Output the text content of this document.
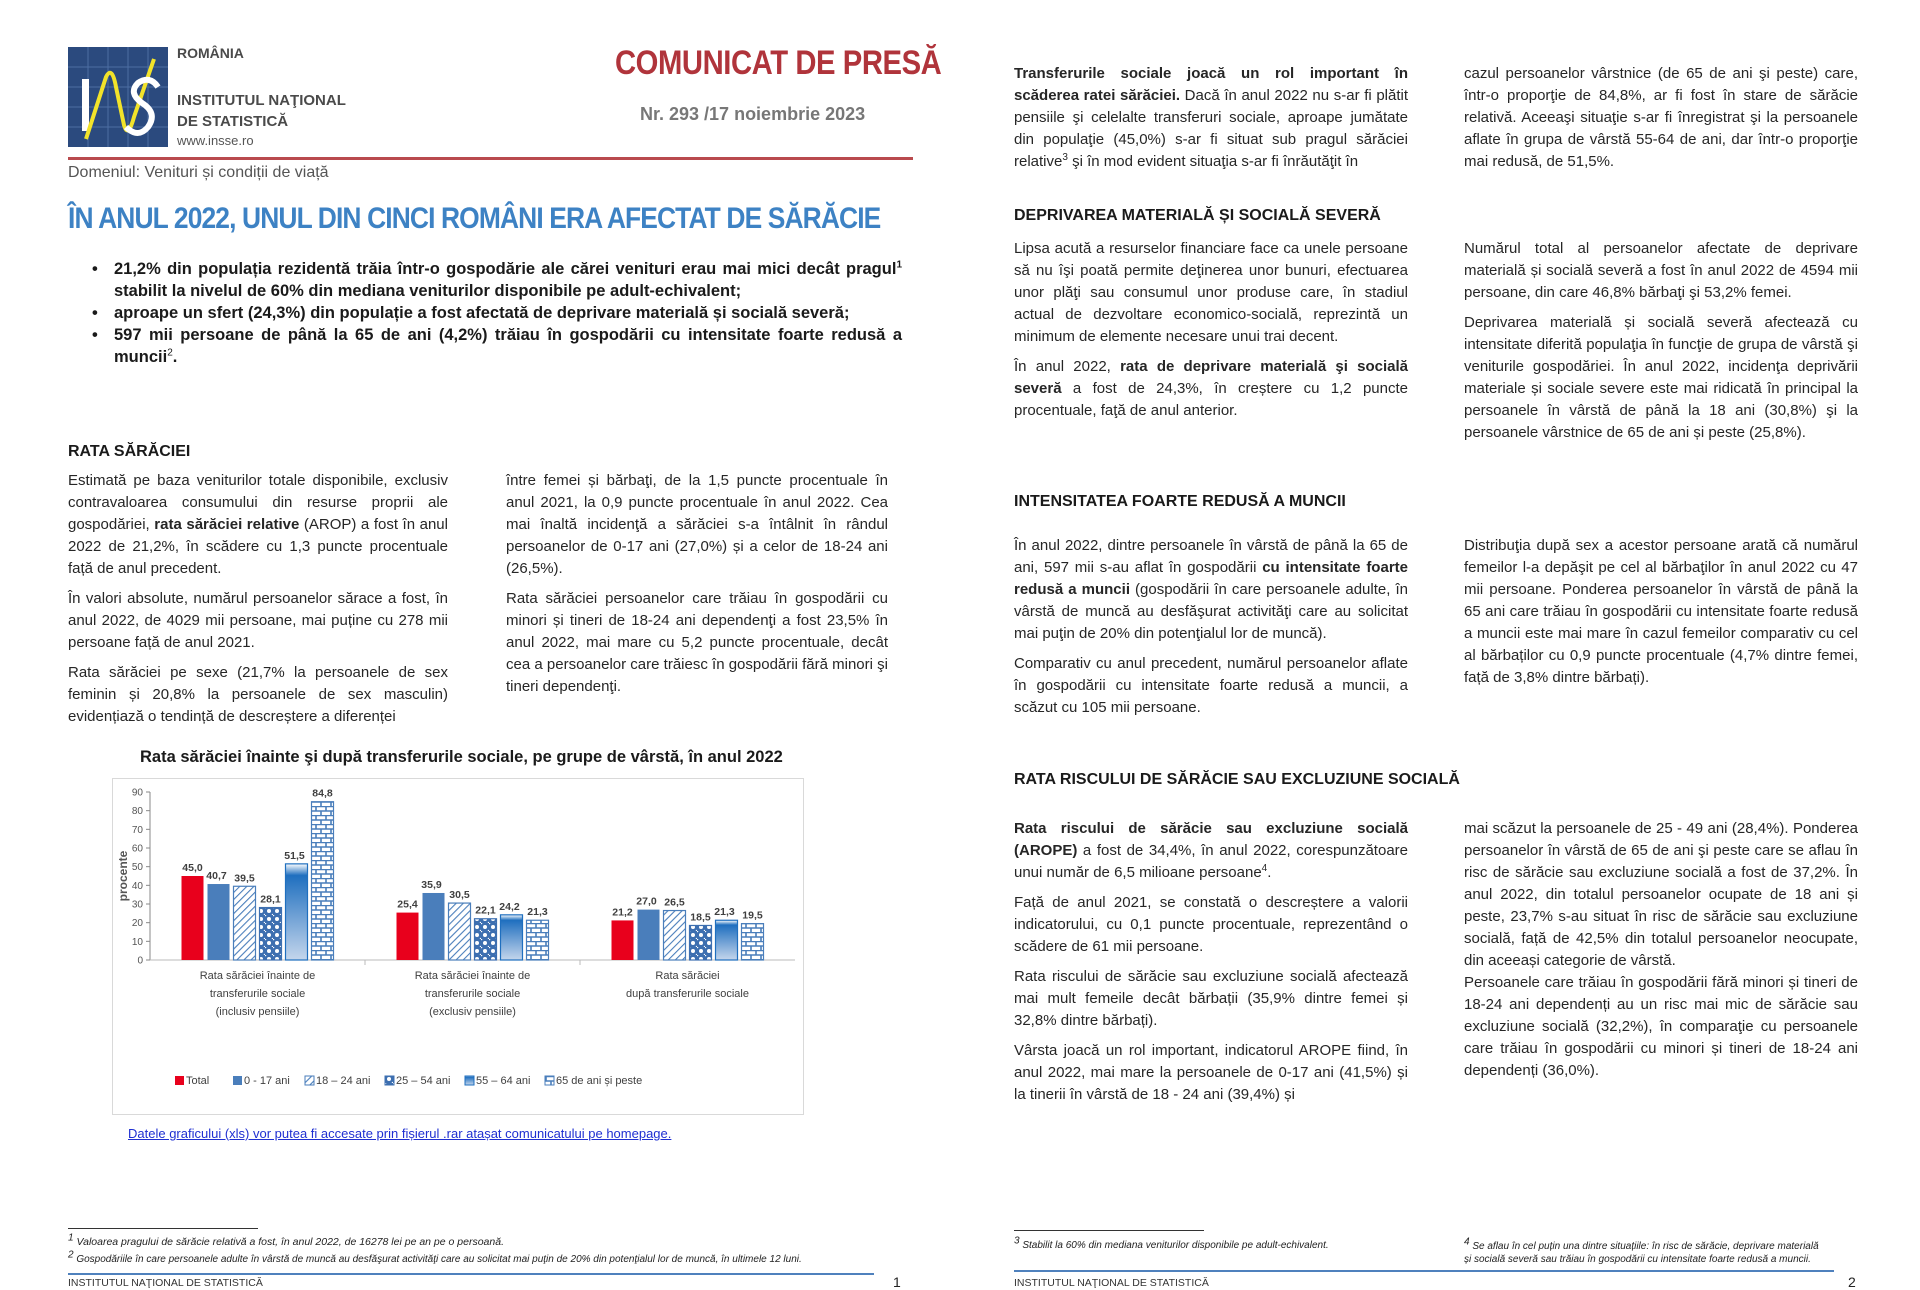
ROMÂNIA
INSTITUTUL NAŢIONAL
DE STATISTICĂ
www.insse.ro
COMUNICAT DE PRESĂ
Nr. 293 /17 noiembrie 2023
Domeniul: Venituri și condiții de viață
ÎN ANUL 2022, UNUL DIN CINCI ROMÂNI ERA AFECTAT DE SĂRĂCIE
• 21,2% din populația rezidentă trăia într-o gospodărie ale cărei venituri erau mai mici decât pragul$^1$ stabilit la nivelul de 60% din mediana veniturilor disponibile pe adult-echivalent;
• aproape un sfert (24,3%) din populație a fost afectată de deprivare materială și socială severă;
• 597 mii persoane de până la 65 de ani (4,2%) trăiau în gospodării cu intensitate foarte redusă a muncii$^2$.
RATA SĂRĂCIEI

Estimată pe baza veniturilor totale disponibile, exclusiv contravaloarea consumului din resurse proprii ale gospodăriei, rata sărăciei relative (AROP) a fost în anul 2022 de 21,2%, în scădere cu 1,3 puncte procentuale față de anul precedent.

În valori absolute, numărul persoanelor sărace a fost, în anul 2022, de 4029 mii persoane, mai puține cu 278 mii persoane față de anul 2021.

Rata sărăciei pe sexe (21,7% la persoanele de sex feminin și 20,8% la persoanele de sex masculin) evidențiază o tendință de descreștere a diferenței

între femei și bărbaţi, de la 1,5 puncte procentuale în anul 2021, la 0,9 puncte procentuale în anul 2022. Cea mai înaltă incidenţă a sărăciei s-a întâlnit în rândul persoanelor de 0-17 ani (27,0%) și a celor de 18-24 ani (26,5%).

Rata sărăciei persoanelor care trăiau în gospodării cu minori și tineri de 18-24 ani dependenţi a fost 23,5% în anul 2022, mai mare cu 5,2 puncte procentuale, decât cea a persoanelor care trăiesc în gospodării fără minori şi tineri dependenţi.

Rata sărăciei înainte şi după transferurile sociale, pe grupe de vârstă, în anul 2022
0
10
20
30
40
50
60
70
80
90
procente	45,0
40,7 39,5
28,1
51,5
84,8
Rata sărăciei înainte de
transferurile sociale
(inclusiv pensiile)
25,4
35,9
30,5
22,1 24,2 21,3
Rata sărăciei înainte de
transferurile sociale
(exclusiv pensiile)
21,2
27,0 26,5
18,5 21,3 19,5
Rata sărăciei
după transferurile sociale
Total	0 - 17 ani 18 – 24 ani 25 – 54 ani 55 – 64 ani 65 de ani și peste
Datele graficului (xls) vor putea fi accesate prin fișierul .rar atașat comunicatului pe homepage.
$^1$ Valoarea pragului de sărăcie relativă a fost, în anul 2022, de 16278 lei pe an pe o persoană.
$^2$ Gospodăriile în care persoanele adulte în vârstă de muncă au desfăşurat activităţi care au solicitat mai puţin de 20% din potenţialul lor de muncă, în ultimele 12 luni.
INSTITUTUL NAŢIONAL DE STATISTICĂ	1

Transferurile sociale joacă un rol important în scăderea ratei sărăciei. Dacă în anul 2022 nu s-ar fi plătit pensiile şi celelalte transferuri sociale, aproape jumătate din populaţie (45,0%) s-ar fi situat sub pragul sărăciei relative$^3$ şi în mod evident situaţia s-ar fi înrăutăţit în

cazul persoanelor vârstnice (de 65 de ani şi peste) care, într-o proporţie de 84,8%, ar fi fost în stare de sărăcie relativă. Aceeaşi situaţie s-ar fi înregistrat şi la persoanele aflate în grupa de vârstă 55-64 de ani, dar într-o proporţie mai redusă, de 51,5%.

DEPRIVAREA MATERIALĂ ȘI SOCIALĂ SEVERĂ

Lipsa acută a resurselor financiare face ca unele persoane să nu îşi poată permite deţinerea unor bunuri, efectuarea unor plăţi sau consumul unor produse care, în stadiul actual de dezvoltare economico-socială, reprezintă un minimum de elemente necesare unui trai decent.

În anul 2022, rata de deprivare materială şi socială severă a fost de 24,3%, în creștere cu 1,2 puncte procentuale, faţă de anul anterior.

Numărul total al persoanelor afectate de deprivare materială și socială severă a fost în anul 2022 de 4594 mii persoane, din care 46,8% bărbaţi şi 53,2% femei.

Deprivarea materială și socială severă afectează cu intensitate diferită populaţia în funcţie de grupa de vârstă şi veniturile gospodăriei. În anul 2022, incidenţa deprivării materiale și sociale severe este mai ridicată în principal la persoanele în vârstă de până la 18 ani (30,8%) şi la persoanele vârstnice de 65 de ani și peste (25,8%).

INTENSITATEA FOARTE REDUSĂ A MUNCII

În anul 2022, dintre persoanele în vârstă de până la 65 de ani, 597 mii s-au aflat în gospodării cu intensitate foarte redusă a muncii (gospodării în care persoanele adulte, în vârstă de muncă au desfăşurat activităţi care au solicitat mai puţin de 20% din potenţialul lor de muncă).

Comparativ cu anul precedent, numărul persoanelor aflate în gospodării cu intensitate foarte redusă a muncii, a scăzut cu 105 mii persoane.

Distribuţia după sex a acestor persoane arată că numărul femeilor l-a depăşit pe cel al bărbaţilor în anul 2022 cu 47 mii persoane. Ponderea persoanelor în vârstă de până la 65 ani care trăiau în gospodării cu intensitate foarte redusă a muncii este mai mare în cazul femeilor comparativ cu cel al bărbaților cu 0,9 puncte procentuale (4,7% dintre femei, față de 3,8% dintre bărbați).

RATA RISCULUI DE SĂRĂCIE SAU EXCLUZIUNE SOCIALĂ

Rata riscului de sărăcie sau excluziune socială (AROPE) a fost de 34,4%, în anul 2022, corespunzătoare unui număr de 6,5 milioane persoane$^4$.

Față de anul 2021, se constată o descreștere a valorii indicatorului, cu 0,1 puncte procentuale, reprezentând o scădere de 61 mii persoane.

Rata riscului de sărăcie sau excluziune socială afectează mai mult femeile decât bărbații (35,9% dintre femei și 32,8% dintre bărbați).

Vârsta joacă un rol important, indicatorul AROPE fiind, în anul 2022, mai mare la persoanele de 0-17 ani (41,5%) și la tinerii în vârstă de 18 - 24 ani (39,4%) și

mai scăzut la persoanele de 25 - 49 ani (28,4%). Ponderea persoanelor în vârstă de 65 de ani şi peste care se aflau în risc de sărăcie sau excluziune socială a fost de 37,2%. În anul 2022, din totalul persoanelor ocupate de 18 ani și peste, 23,7% s-au situat în risc de sărăcie sau excluziune socială, față de 42,5% din totalul persoanelor neocupate, din aceeași categorie de vârstă.

Persoanele care trăiau în gospodării fără minori și tineri de 18-24 ani dependenți au un risc mai mic de sărăcie sau excluziune socială (32,2%), în comparaţie cu persoanele care trăiau în gospodării cu minori și tineri de 18-24 ani dependenți (36,0%).

$^3$ Stabilit la 60% din mediana veniturilor disponibile pe adult-echivalent.	$^4$ Se aflau în cel puțin una dintre situațiile: în risc de sărăcie, deprivare materială
și socială severă sau trăiau în gospodării cu intensitate foarte redusă a muncii.
INSTITUTUL NAŢIONAL DE STATISTICĂ	2
